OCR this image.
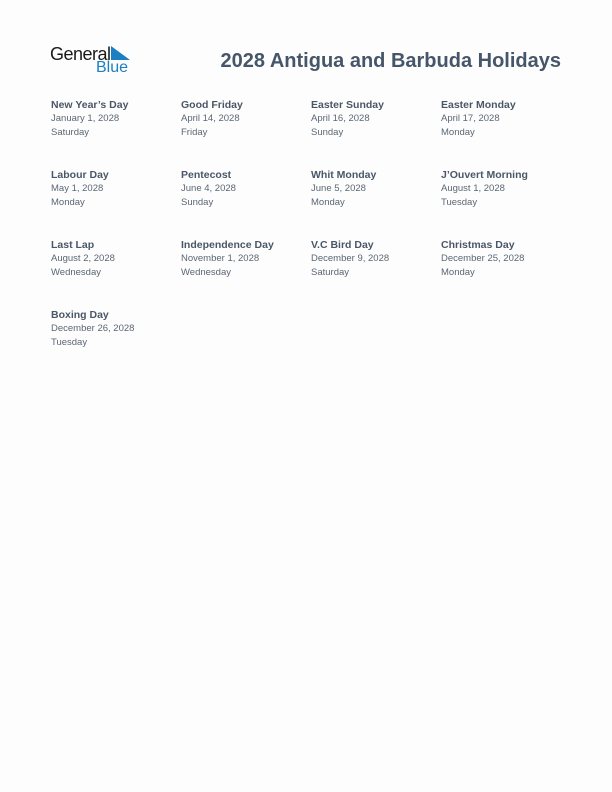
General
Blue	2028 Antigua and Barbuda Holidays
New Year’s Day
January 1, 2028
Saturday
Good Friday
April 14, 2028
Friday
Easter Sunday
April 16, 2028
Sunday
Easter Monday
April 17, 2028
Monday
Labour Day
May 1, 2028
Monday
Pentecost
June 4, 2028
Sunday
Whit Monday
June 5, 2028
Monday
J’Ouvert Morning
August 1, 2028
Tuesday
Last Lap
August 2, 2028
Wednesday
Independence Day
November 1, 2028
Wednesday
V.C Bird Day
December 9, 2028
Saturday
Christmas Day
December 25, 2028
Monday
Boxing Day
December 26, 2028
Tuesday
